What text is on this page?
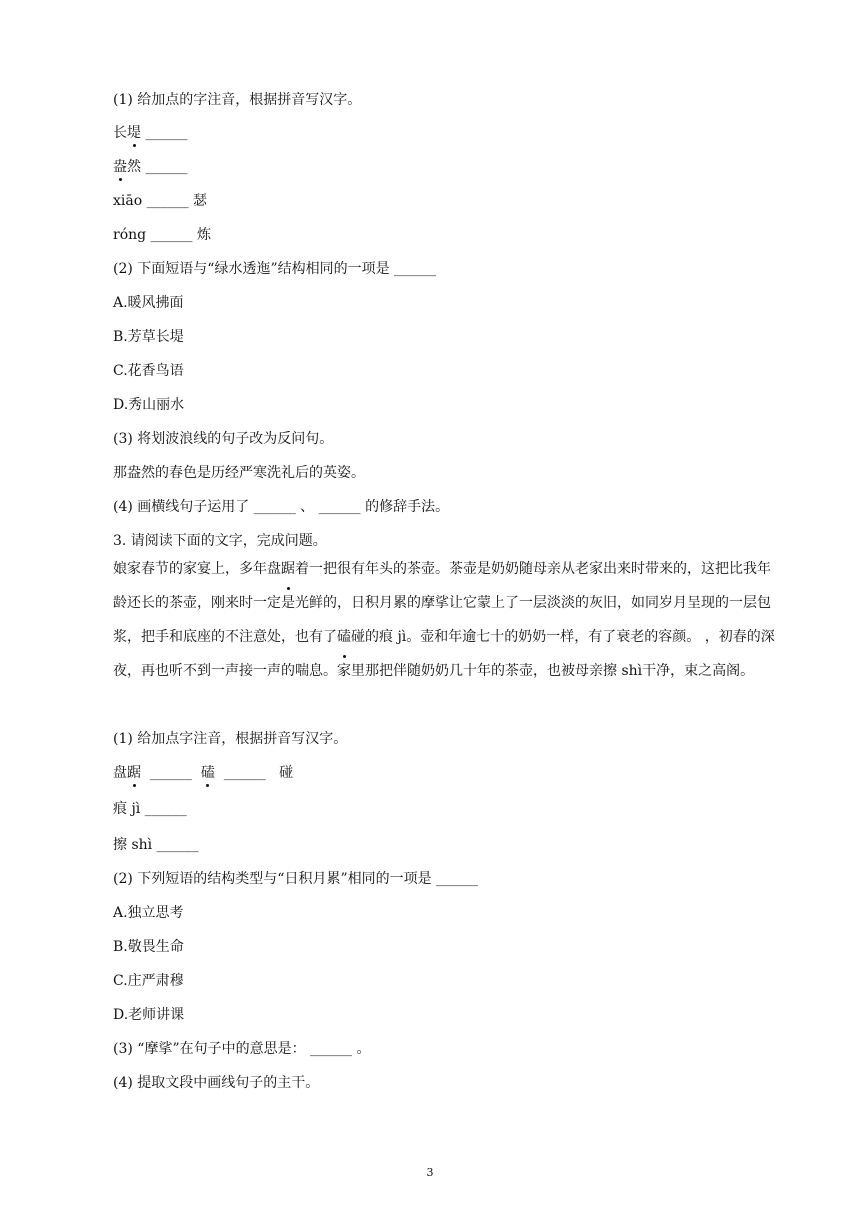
(1) 给加点的字注音，根据拼音写汉字。
长堤 ______
盎然 ______
xiāo ______ 瑟
róng ______ 炼
(2) 下面短语与“绿水透迤”结构相同的一项是 ______
A.暖风拂面
B.芳草长堤
C.花香鸟语
D.秀山丽水
(3) 将划波浪线的句子改为反问句。
那盎然的春色是历经严寒洗礼后的英姿。
(4) 画横线句子运用了 ______ 、 ______ 的修辞手法。
3. 请阅读下面的文字，完成问题。
娘家春节的家宴上，多年盘踞着一把很有年头的茶壶。茶壶是奶奶随母亲从老家出来时带来的，这把比我年龄还长的茶壶，刚来时一定是光鲜的，日积月累的摩挲让它蒙上了一层淡淡的灰旧，如同岁月呈现的一层包浆，把手和底座的不注意处，也有了磕碰的痕 jì。壶和年逾七十的奶奶一样，有了衰老的容颜。 ，初春的深夜，再也听不到一声接一声的喘息。家里那把伴随奶奶几十年的茶壶，也被母亲擦 shì干净，束之高阁。
(1) 给加点字注音，根据拼音写汉字。
盘踞  ______  磕  ______   碰
痕 jì ______
擦 shì ______
(2) 下列短语的结构类型与“日积月累”相同的一项是 ______
A.独立思考
B.敬畏生命
C.庄严肃穆
D.老师讲课
(3) “摩挲”在句子中的意思是： ______ 。
(4) 提取文段中画线句子的主干。
3
